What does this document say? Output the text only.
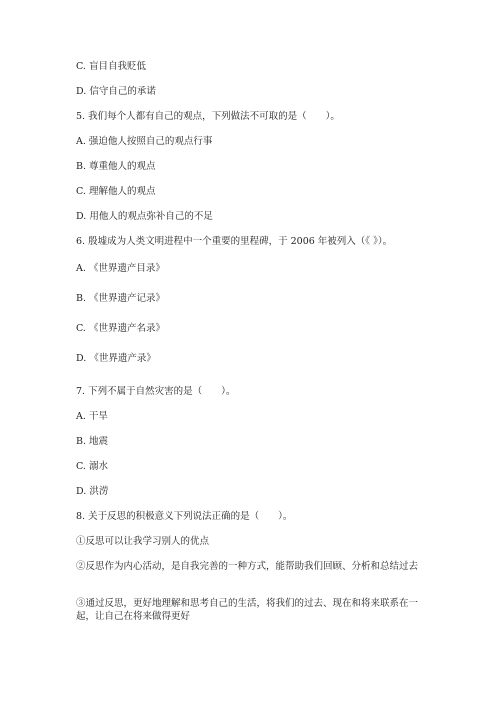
C. 盲目自我贬低

D. 信守自己的承诺

5. 我们每个人都有自己的观点，下列做法不可取的是（　　）。

A. 强迫他人按照自己的观点行事

B. 尊重他人的观点

C. 理解他人的观点

D. 用他人的观点弥补自己的不足

6. 殷墟成为人类文明进程中一个重要的里程碑，于 2006 年被列入（《 》）。

A. 《世界遗产目录》

B. 《世界遗产记录》

C. 《世界遗产名录》

D. 《世界遗产录》

7. 下列不属于自然灾害的是（　　）。

A. 干旱

B. 地震

C. 溺水

D. 洪涝

8. 关于反思的积极意义下列说法正确的是（　　）。

①反思可以让我学习别人的优点

②反思作为内心活动，是自我完善的一种方式，能帮助我们回顾、分析和总结过去

③通过反思，更好地理解和思考自己的生活，将我们的过去、现在和将来联系在一起，让自己在将来做得更好
